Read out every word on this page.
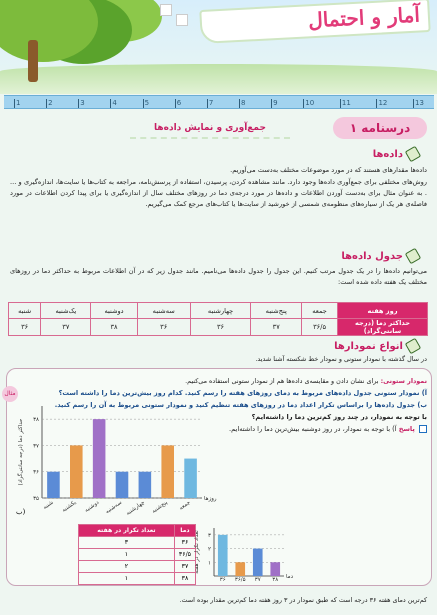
آمار و احتمال
1	2	3	4	5	6	7	8	9	10	11	12	13
درسنامه ۱
جمع‌آوری و نمایش داده‌ها
داده‌ها
داده‌ها مقدارهای هستند که در مورد موضوعات مختلف به‌دست می‌آوریم.
روش‌های مختلفی برای جمع‌آوری داده‌ها وجود دارد. مانند مشاهده کردن، پرسیدن، استفاده از پرسش‌نامه، مراجعه به کتاب‌ها یا سایت‌ها، اندازه‌گیری و ... . به عنوان مثال برای به‌دست آوردن اطلاعات و داده‌ها در مورد درجه‌ی دما در روزهای مختلف سال از اندازه‌گیری یا برای پیدا کردن اطلاعات در مورد فاصله‌ی هر یک از سیاره‌های منظومه‌ی شمسی از خورشید از سایت‌ها یا کتاب‌های مرجع کمک می‌گیریم.
جدول داده‌ها
می‌توانیم داده‌ها را در یک جدول مرتب کنیم. این جدول را جدول داده‌ها می‌نامیم. مانند جدول زیر که در آن اطلاعات مربوط به حداکثر دما در روزهای مختلف یک هفته داده شده است:
روز هفته	جمعه	پنج‌شنبه	چهارشنبه	سه‌شنبه	دوشنبه	یک‌شنبه	شنبه
حداکثر دما (درجه سانتی‌گراد)	۳۶/۵	۳۷	۳۶	۳۶	۳۸	۳۷	۳۶
انواع نمودارها
در سال گذشته با نمودار ستونی و نمودار خط شکسته آشنا شدید.
نمودار ستونی: برای نشان دادن و مقایسه‌ی داده‌ها هم از نمودار ستونی استفاده می‌کنیم.
مثال	آ) نمودار ستونی جدول داده‌های مربوط به دمای روزهای هفته را رسم کنید. کدام روز بیش‌ترین دما را داشته است؟
ب) جدول داده‌ها را براساس تکرار اعداد دما در روزهای هفته تنظیم کنید و نمودار ستونی مربوط به آن را رسم کنید.
با توجه به نمودار، در چند روز کم‌ترین دما را داشته‌ایم؟
پاسخ آ) با توجه به نمودار، در روز دوشنبه بیش‌ترین دما را داشته‌ایم.
۳۵
۳۶
۳۷
۳۸
شنبه یکشنبه دوشنبه سه‌شنبه چهارشنبه پنج‌شنبه جمعه
روزها
حداکثر دما (درجه سانتی‌گراد)
ب)
دما	تعداد تکرار در هفته
۳۶	۳
۳۶/۵	۱
۳۷	۲
۳۸	۱
۱
۲
۳
۳۶ ۳۶/۵ ۳۷ ۳۸ دما
تعداد تکرار در هفته
کم‌ترین دمای هفته ۳۶ درجه است که طبق نمودار در ۳ روز هفته دما کم‌ترین مقدار بوده است.
